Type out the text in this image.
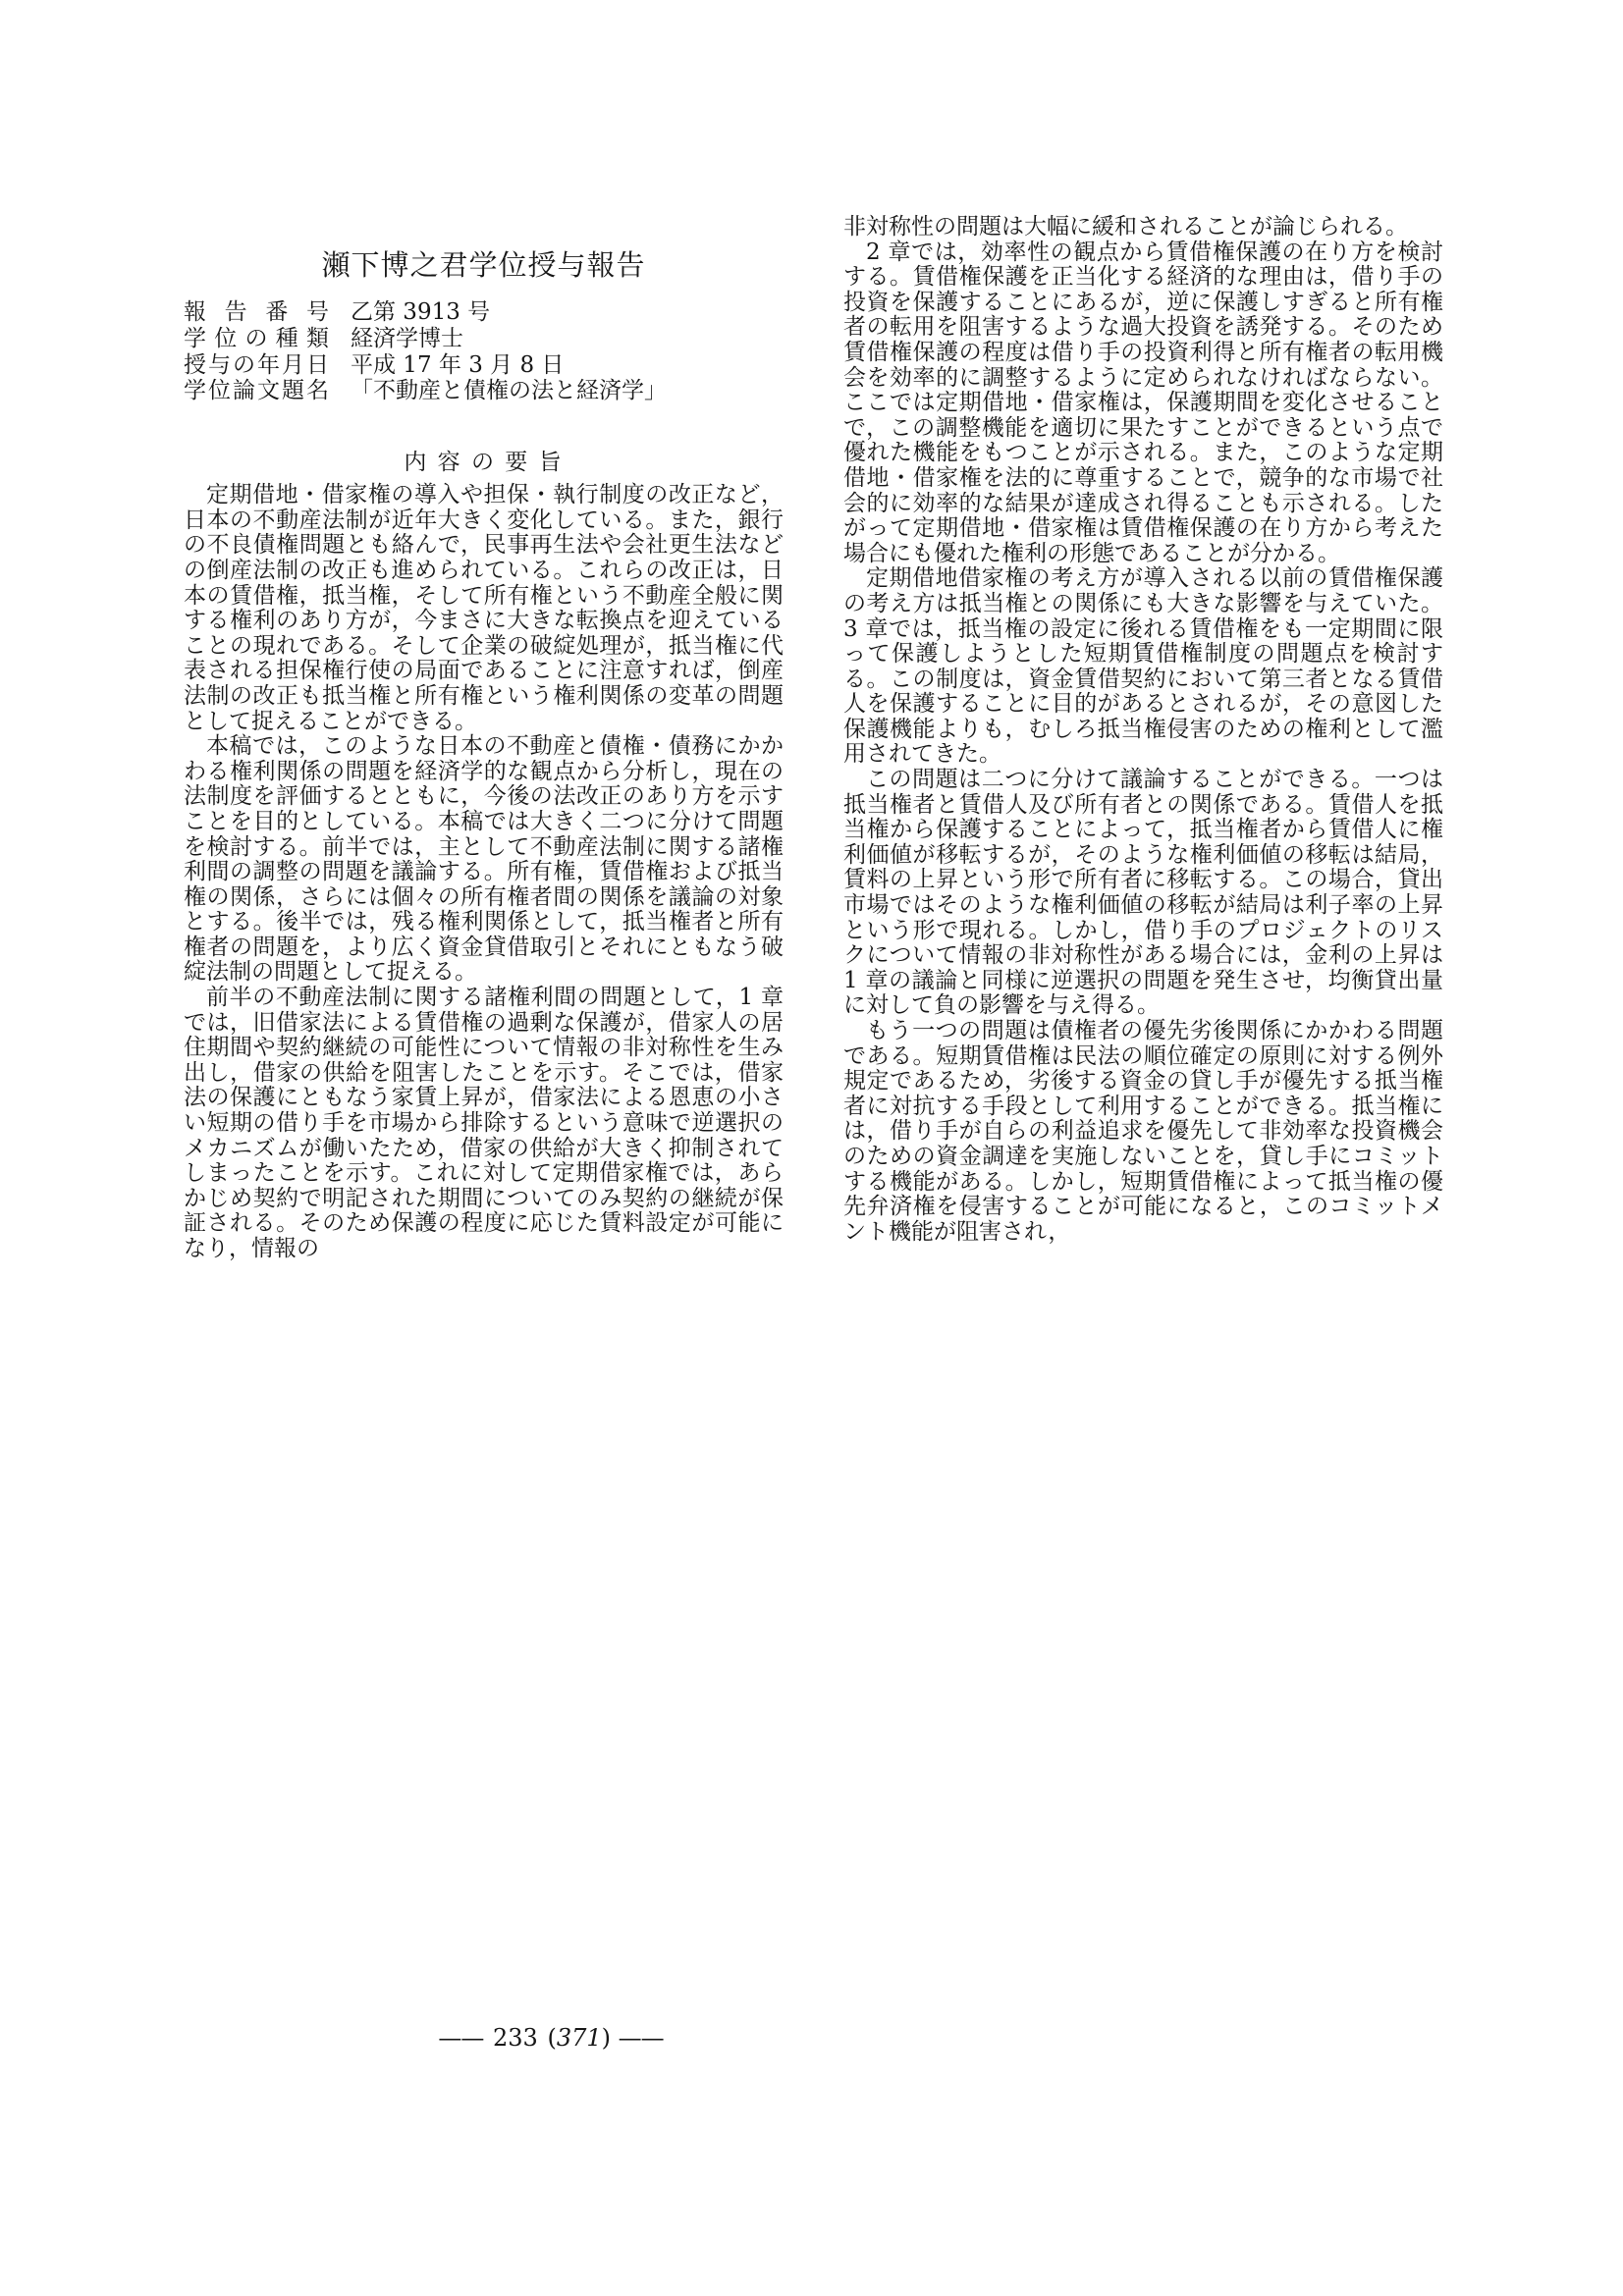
瀬下博之君学位授与報告
報 告 番 号 乙第 3913 号
学 位 の 種 類 経済学博士
授与の年月日 平成 17 年 3 月 8 日
学位論文題名 「不動産と債権の法と経済学」
内 容 の 要 旨

定期借地・借家権の導入や担保・執行制度の改正など，日本の不動産法制が近年大きく変化している。また，銀行の不良債権問題とも絡んで，民事再生法や会社更生法などの倒産法制の改正も進められている。これらの改正は，日本の賃借権，抵当権，そして所有権という不動産全般に関する権利のあり方が，今まさに大きな転換点を迎えていることの現れである。そして企業の破綻処理が，抵当権に代表される担保権行使の局面であることに注意すれば，倒産法制の改正も抵当権と所有権という権利関係の変革の問題として捉えることができる。

本稿では，このような日本の不動産と債権・債務にかかわる権利関係の問題を経済学的な観点から分析し，現在の法制度を評価するとともに，今後の法改正のあり方を示すことを目的としている。本稿では大きく二つに分けて問題を検討する。前半では，主として不動産法制に関する諸権利間の調整の問題を議論する。所有権，賃借権および抵当権の関係，さらには個々の所有権者間の関係を議論の対象とする。後半では，残る権利関係として，抵当権者と所有権者の問題を，より広く資金貸借取引とそれにともなう破綻法制の問題として捉える。

前半の不動産法制に関する諸権利間の問題として，1 章では，旧借家法による賃借権の過剰な保護が，借家人の居住期間や契約継続の可能性について情報の非対称性を生み出し，借家の供給を阻害したことを示す。そこでは，借家法の保護にともなう家賃上昇が，借家法による恩恵の小さい短期の借り手を市場から排除するという意味で逆選択のメカニズムが働いたため，借家の供給が大きく抑制されてしまったことを示す。これに対して定期借家権では，あらかじめ契約で明記された期間についてのみ契約の継続が保証される。そのため保護の程度に応じた賃料設定が可能になり，情報の

非対称性の問題は大幅に緩和されることが論じられる。

2 章では，効率性の観点から賃借権保護の在り方を検討する。賃借権保護を正当化する経済的な理由は，借り手の投資を保護することにあるが，逆に保護しすぎると所有権者の転用を阻害するような過大投資を誘発する。そのため賃借権保護の程度は借り手の投資利得と所有権者の転用機会を効率的に調整するように定められなければならない。ここでは定期借地・借家権は，保護期間を変化させることで，この調整機能を適切に果たすことができるという点で優れた機能をもつことが示される。また，このような定期借地・借家権を法的に尊重することで，競争的な市場で社会的に効率的な結果が達成され得ることも示される。したがって定期借地・借家権は賃借権保護の在り方から考えた場合にも優れた権利の形態であることが分かる。

定期借地借家権の考え方が導入される以前の賃借権保護の考え方は抵当権との関係にも大きな影響を与えていた。3 章では，抵当権の設定に後れる賃借権をも一定期間に限って保護しようとした短期賃借権制度の問題点を検討する。この制度は，資金賃借契約において第三者となる賃借人を保護することに目的があるとされるが，その意図した保護機能よりも，むしろ抵当権侵害のための権利として濫用されてきた。

この問題は二つに分けて議論することができる。一つは抵当権者と賃借人及び所有者との関係である。賃借人を抵当権から保護することによって，抵当権者から賃借人に権利価値が移転するが，そのような権利価値の移転は結局，賃料の上昇という形で所有者に移転する。この場合，貸出市場ではそのような権利価値の移転が結局は利子率の上昇という形で現れる。しかし，借り手のプロジェクトのリスクについて情報の非対称性がある場合には，金利の上昇は 1 章の議論と同様に逆選択の問題を発生させ，均衡貸出量に対して負の影響を与え得る。

もう一つの問題は債権者の優先劣後関係にかかわる問題である。短期賃借権は民法の順位確定の原則に対する例外規定であるため，劣後する資金の貸し手が優先する抵当権者に対抗する手段として利用することができる。抵当権には，借り手が自らの利益追求を優先して非効率な投資機会のための資金調達を実施しないことを，貸し手にコミットする機能がある。しかし，短期賃借権によって抵当権の優先弁済権を侵害することが可能になると，このコミットメント機能が阻害され，

—— 233 (371) ——
